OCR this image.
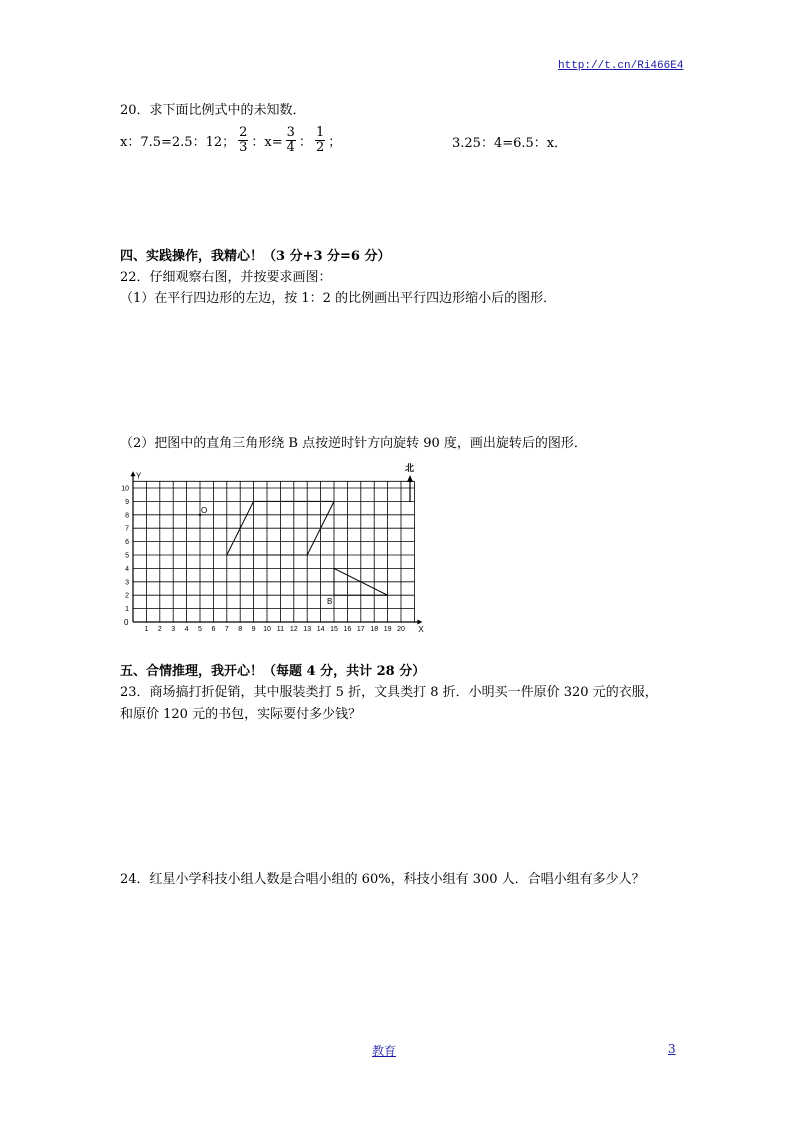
http://t.cn/Ri466E4
20．求下面比例式中的未知数．
x：7.5=2.5：12； $\frac{2}{3}$ ：$x= \frac{3}{4}$ ： $\frac{1}{2}$ ；	3.25：4=6.5：x．
四、实践操作，我精心！（3 分+3 分=6 分）
22．仔细观察右图，并按要求画图：
（1）在平行四边形的左边，按 1：2 的比例画出平行四边形缩小后的图形．
（2）把图中的直角三角形绕 B 点按逆时针方向旋转 90 度，画出旋转后的图形．
Y
X
0
1 2 3 4 5 6 7 8 9 10 11 12 13 14 15 16 17 18 19 20
1
2
3
4
5
6
7
8
9
10
O
B
北
五、合情推理，我开心！（每题 4 分，共计 28 分）
23．商场搞打折促销，其中服装类打 5 折，文具类打 8 折．小明买一件原价 320 元的衣服，
和原价 120 元的书包，实际要付多少钱？
24．红星小学科技小组人数是合唱小组的 60%，科技小组有 300 人．合唱小组有多少人？
教育	3
